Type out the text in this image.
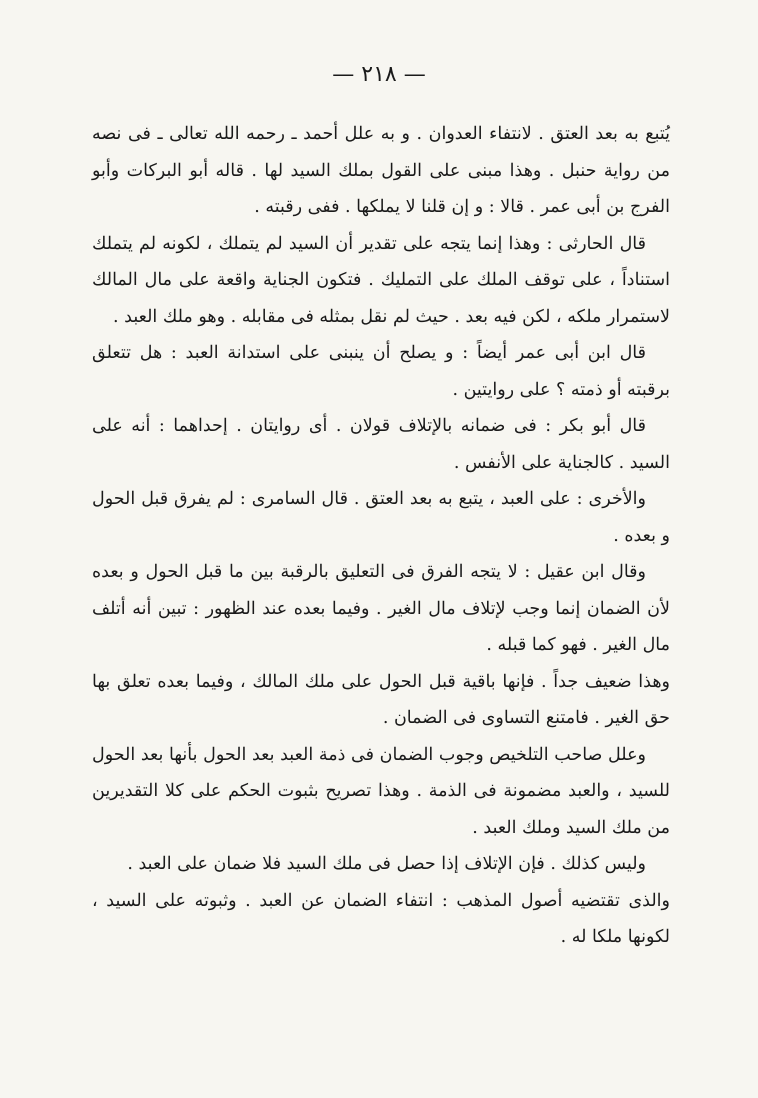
— ٢١٨ —

يُتبع به بعد العتق . لانتفاء العدوان . و به علل أحمد ـ رحمه الله تعالى ـ فى نصه من رواية حنبل . وهذا مبنى على القول بملك السيد لها . قاله أبو البركات وأبو الفرج بن أبى عمر . قالا : و إن قلنا لا يملكها . ففى رقبته .

قال الحارثى : وهذا إنما يتجه على تقدير أن السيد لم يتملك ، لكونه لم يتملك استناداً ، على توقف الملك على التمليك . فتكون الجناية واقعة على مال المالك لاستمرار ملكه ، لكن فيه بعد . حيث لم نقل بمثله فى مقابله . وهو ملك العبد .

قال ابن أبى عمر أيضاً : و يصلح أن ينبنى على استدانة العبد : هل تتعلق برقبته أو ذمته ؟ على روايتين .

قال أبو بكر : فى ضمانه بالإتلاف قولان . أى روايتان . إحداهما : أنه على السيد . كالجناية على الأنفس .

والأخرى : على العبد ، يتبع به بعد العتق . قال السامرى : لم يفرق قبل الحول و بعده .

وقال ابن عقيل : لا يتجه الفرق فى التعليق بالرقبة بين ما قبل الحول و بعده لأن الضمان إنما وجب لإتلاف مال الغير . وفيما بعده عند الظهور : تبين أنه أتلف مال الغير . فهو كما قبله .

وهذا ضعيف جداً . فإنها باقية قبل الحول على ملك المالك ، وفيما بعده تعلق بها حق الغير . فامتنع التساوى فى الضمان .

وعلل صاحب التلخيص وجوب الضمان فى ذمة العبد بعد الحول بأنها بعد الحول للسيد ، والعبد مضمونة فى الذمة . وهذا تصريح بثبوت الحكم على كلا التقديرين من ملك السيد وملك العبد .

وليس كذلك . فإن الإتلاف إذا حصل فى ملك السيد فلا ضمان على العبد .

والذى تقتضيه أصول المذهب : انتفاء الضمان عن العبد . وثبوته على السيد ، لكونها ملكا له .
